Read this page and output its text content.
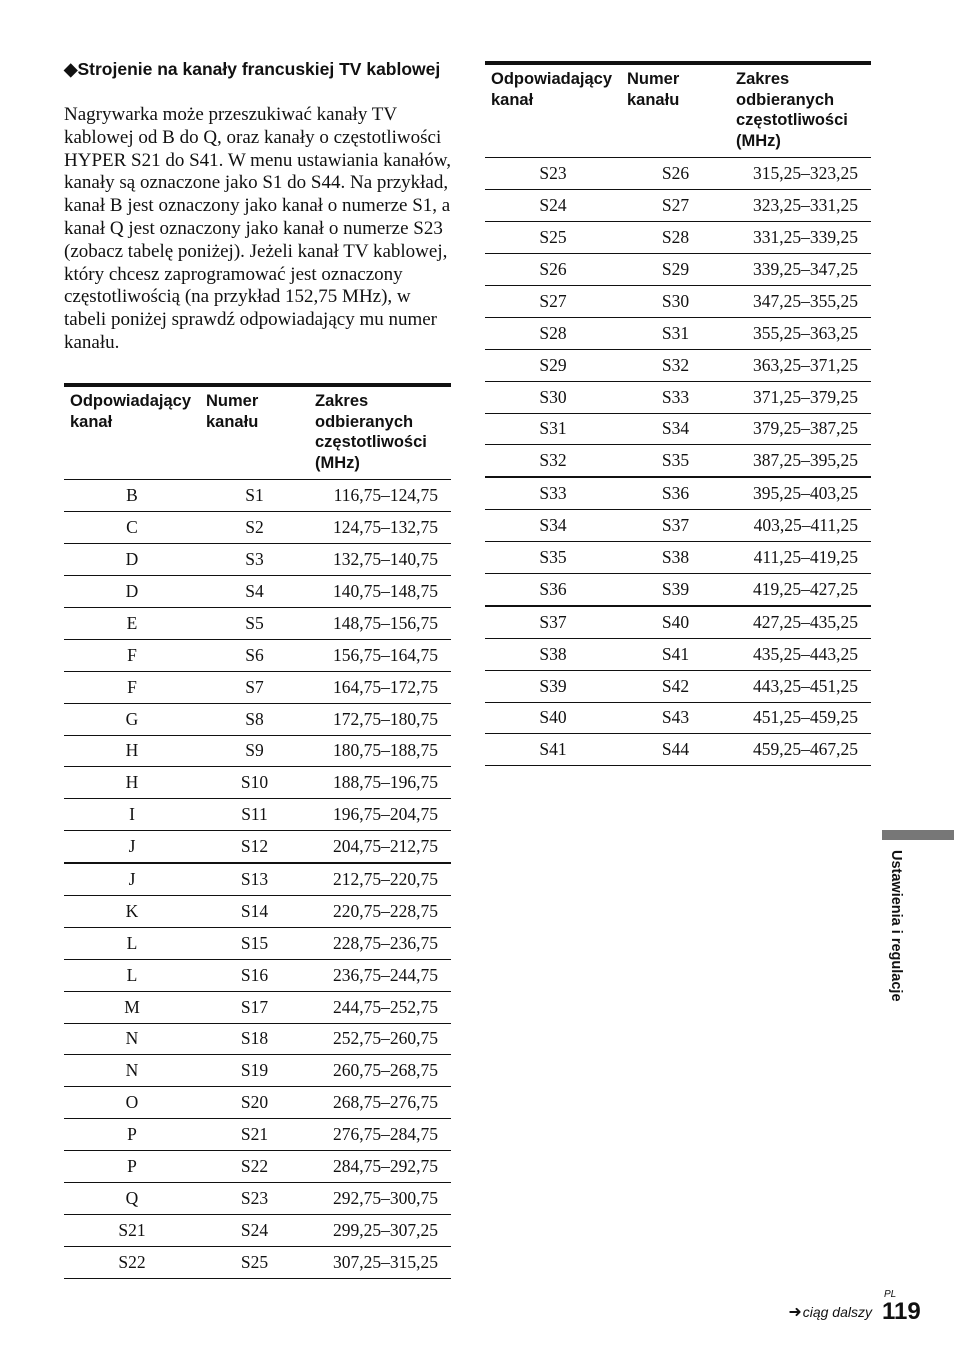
◆Strojenie na kanały francuskiej TV kablowej
Nagrywarka może przeszukiwać kanały TV kablowej od B do Q, oraz kanały o częstotliwości HYPER S21 do S41. W menu ustawiania kanałów, kanały są oznaczone jako S1 do S44. Na przykład, kanał B jest oznaczony jako kanał o numerze S1, a kanał Q jest oznaczony jako kanał o numerze S23 (zobacz tabelę poniżej). Jeżeli kanał TV kablowej, który chcesz zaprogramować jest oznaczony częstotliwością (na przykład 152,75 MHz), w tabeli poniżej sprawdź odpowiadający mu numer kanału.
Odpowiadający kanał	Numer kanału	Zakres odbieranych częstotliwości (MHz)
B	S1	116,75–124,75
C	S2	124,75–132,75
D	S3	132,75–140,75
D	S4	140,75–148,75
E	S5	148,75–156,75
F	S6	156,75–164,75
F	S7	164,75–172,75
G	S8	172,75–180,75
H	S9	180,75–188,75
H	S10	188,75–196,75
I	S11	196,75–204,75
J	S12	204,75–212,75
J	S13	212,75–220,75
K	S14	220,75–228,75
L	S15	228,75–236,75
L	S16	236,75–244,75
M	S17	244,75–252,75
N	S18	252,75–260,75
N	S19	260,75–268,75
O	S20	268,75–276,75
P	S21	276,75–284,75
P	S22	284,75–292,75
Q	S23	292,75–300,75
S21	S24	299,25–307,25
S22	S25	307,25–315,25
Odpowiadający kanał	Numer kanału	Zakres odbieranych częstotliwości (MHz)
S23	S26	315,25–323,25
S24	S27	323,25–331,25
S25	S28	331,25–339,25
S26	S29	339,25–347,25
S27	S30	347,25–355,25
S28	S31	355,25–363,25
S29	S32	363,25–371,25
S30	S33	371,25–379,25
S31	S34	379,25–387,25
S32	S35	387,25–395,25
S33	S36	395,25–403,25
S34	S37	403,25–411,25
S35	S38	411,25–419,25
S36	S39	419,25–427,25
S37	S40	427,25–435,25
S38	S41	435,25–443,25
S39	S42	443,25–451,25
S40	S43	451,25–459,25
S41	S44	459,25–467,25
Ustawienia i regulacje
➜ciąg dalszy
PL
119
